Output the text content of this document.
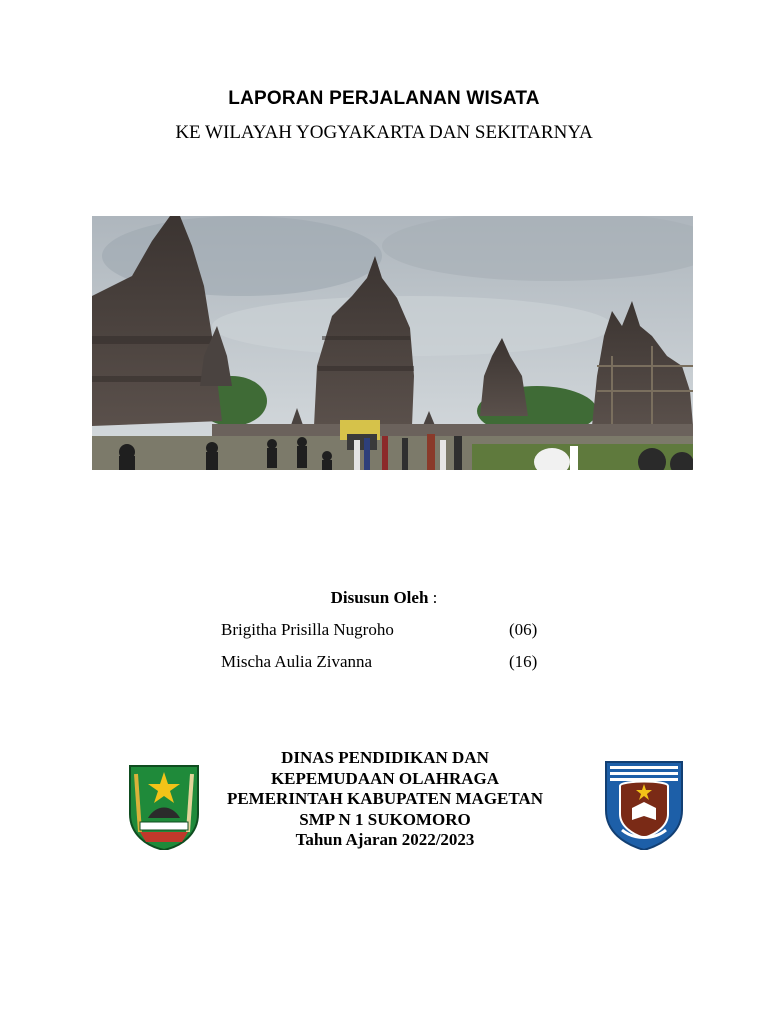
LAPORAN PERJALANAN WISATA
KE WILAYAH YOGYAKARTA DAN SEKITARNYA
Disusun Oleh :
Brigitha Prisilla Nugroho	(06)
Mischa Aulia Zivanna	(16)
DINAS PENDIDIKAN DAN
KEPEMUDAAN OLAHRAGA
PEMERINTAH KABUPATEN MAGETAN
SMP N 1 SUKOMORO
Tahun Ajaran 2022/2023
